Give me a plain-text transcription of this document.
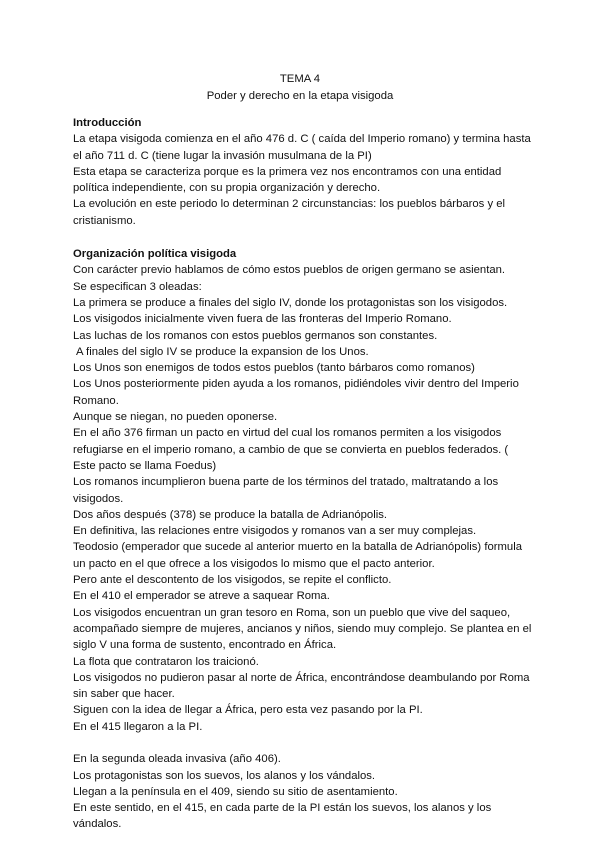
TEMA 4

Poder y derecho en la etapa visigoda

Introducción

La etapa visigoda comienza en el año 476 d. C ( caída del Imperio romano) y termina hasta el año 711 d. C (tiene lugar la invasión musulmana de la PI)

Esta etapa se caracteriza porque es la primera vez nos encontramos con una entidad política independiente, con su propia organización y derecho.

La evolución en este periodo lo determinan 2 circunstancias: los pueblos bárbaros y el cristianismo.

Organización política visigoda

Con carácter previo hablamos de cómo estos pueblos de origen germano se asientan.

Se especifican 3 oleadas:

La primera se produce a finales del siglo IV, donde los protagonistas son los visigodos.

Los visigodos inicialmente viven fuera de las fronteras del Imperio Romano.

Las luchas de los romanos con estos pueblos germanos son constantes.

A finales del siglo IV se produce la expansion de los Unos.

Los Unos son enemigos de todos estos pueblos (tanto bárbaros como romanos)

Los Unos posteriormente piden ayuda a los romanos, pidiéndoles vivir dentro del Imperio Romano.

Aunque se niegan, no pueden oponerse.

En el año 376 firman un pacto en virtud del cual los romanos permiten a los visigodos refugiarse en el imperio romano, a cambio de que se convierta en pueblos federados. ( Este pacto se llama Foedus)

Los romanos incumplieron buena parte de los términos del tratado, maltratando a los visigodos.

Dos años después (378) se produce la batalla de Adrianópolis.

En definitiva, las relaciones entre visigodos y romanos van a ser muy complejas.

Teodosio (emperador que sucede al anterior muerto en la batalla de Adrianópolis) formula un pacto en el que ofrece a los visigodos lo mismo que el pacto anterior.

Pero ante el descontento de los visigodos, se repite el conflicto.

En el 410 el emperador se atreve a saquear Roma.

Los visigodos encuentran un gran tesoro en Roma, son un pueblo que vive del saqueo, acompañado siempre de mujeres, ancianos y niños, siendo muy complejo. Se plantea en el siglo V una forma de sustento, encontrado en África.

La flota que contrataron los traicionó.

Los visigodos no pudieron pasar al norte de África, encontrándose deambulando por Roma sin saber que hacer.

Siguen con la idea de llegar a África, pero esta vez pasando por la PI.

En el 415 llegaron a la PI.

En la segunda oleada invasiva (año 406).

Los protagonistas son los suevos, los alanos y los vándalos.

Llegan a la península en el 409, siendo su sitio de asentamiento.

En este sentido, en el 415, en cada parte de la PI están los suevos, los alanos y los vándalos.
